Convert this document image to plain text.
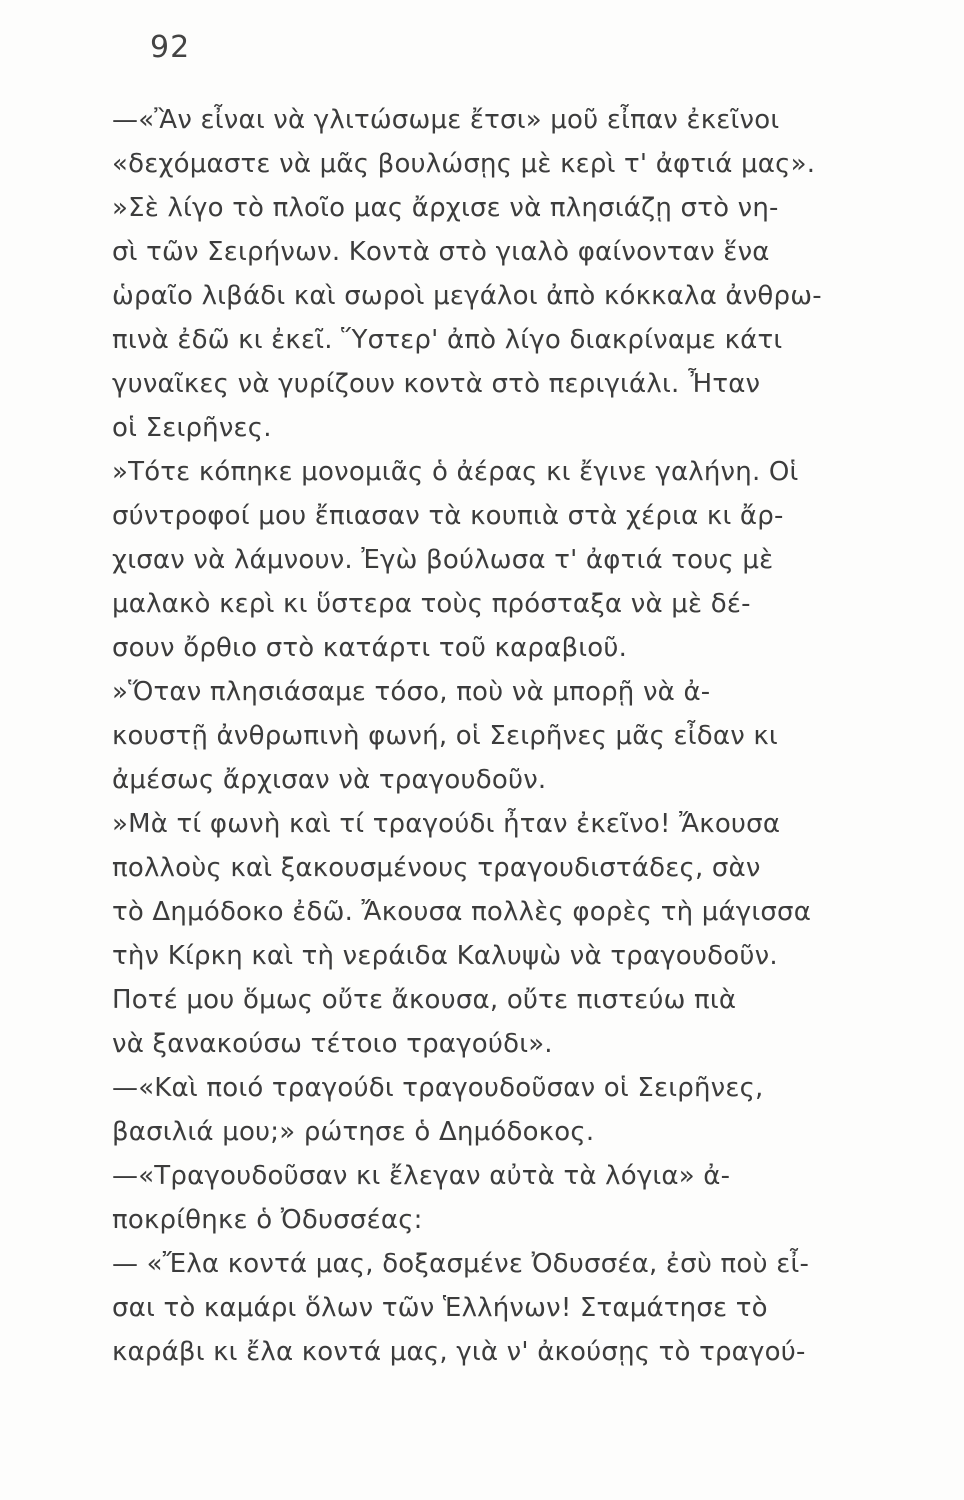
92
—«Ἂν εἶναι νὰ γλιτώσωμε ἔτσι» μοῦ εἶπαν ἐκεῖνοι
«δεχόμαστε νὰ μᾶς βουλώσῃς μὲ κερὶ τ' ἀφτιά μας».
»Σὲ λίγο τὸ πλοῖο μας ἄρχισε νὰ πλησιάζῃ στὸ νη-
σὶ τῶν Σειρήνων. Κοντὰ στὸ γιαλὸ φαίνονταν ἕνα
ὡραῖο λιβάδι καὶ σωροὶ μεγάλοι ἀπὸ κόκκαλα ἀνθρω-
πινὰ ἐδῶ κι ἐκεῖ. Ὕστερ' ἀπὸ λίγο διακρίναμε κάτι
γυναῖκες νὰ γυρίζουν κοντὰ στὸ περιγιάλι. Ἦταν
οἱ Σειρῆνες.
»Τότε κόπηκε μονομιᾶς ὁ ἀέρας κι ἔγινε γαλήνη. Οἱ
σύντροφοί μου ἔπιασαν τὰ κουπιὰ στὰ χέρια κι ἄρ-
χισαν νὰ λάμνουν. Ἐγὼ βούλωσα τ' ἀφτιά τους μὲ
μαλακὸ κερὶ κι ὕστερα τοὺς πρόσταξα νὰ μὲ δέ-
σουν ὄρθιο στὸ κατάρτι τοῦ καραβιοῦ.
»Ὅταν πλησιάσαμε τόσο, ποὺ νὰ μπορῇ νὰ ἀ-
κουστῇ ἀνθρωπινὴ φωνή, οἱ Σειρῆνες μᾶς εἶδαν κι
ἀμέσως ἄρχισαν νὰ τραγουδοῦν.
»Μὰ τί φωνὴ καὶ τί τραγούδι ἦταν ἐκεῖνο! Ἄκουσα
πολλοὺς καὶ ξακουσμένους τραγουδιστάδες, σὰν
τὸ Δημόδοκο ἐδῶ. Ἄκουσα πολλὲς φορὲς τὴ μάγισσα
τὴν Κίρκη καὶ τὴ νεράιδα Καλυψὼ νὰ τραγουδοῦν.
Ποτέ μου ὅμως οὔτε ἄκουσα, οὔτε πιστεύω πιὰ
νὰ ξανακούσω τέτοιο τραγούδι».
—«Καὶ ποιό τραγούδι τραγουδοῦσαν οἱ Σειρῆνες,
βασιλιά μου;» ρώτησε ὁ Δημόδοκος.
—«Τραγουδοῦσαν κι ἔλεγαν αὐτὰ τὰ λόγια» ἀ-
ποκρίθηκε ὁ Ὀδυσσέας:
— «Ἔλα κοντά μας, δοξασμένε Ὀδυσσέα, ἐσὺ ποὺ εἶ-
σαι τὸ καμάρι ὅλων τῶν Ἑλλήνων! Σταμάτησε τὸ
καράβι κι ἔλα κοντά μας, γιὰ ν' ἀκούσῃς τὸ τραγού-
